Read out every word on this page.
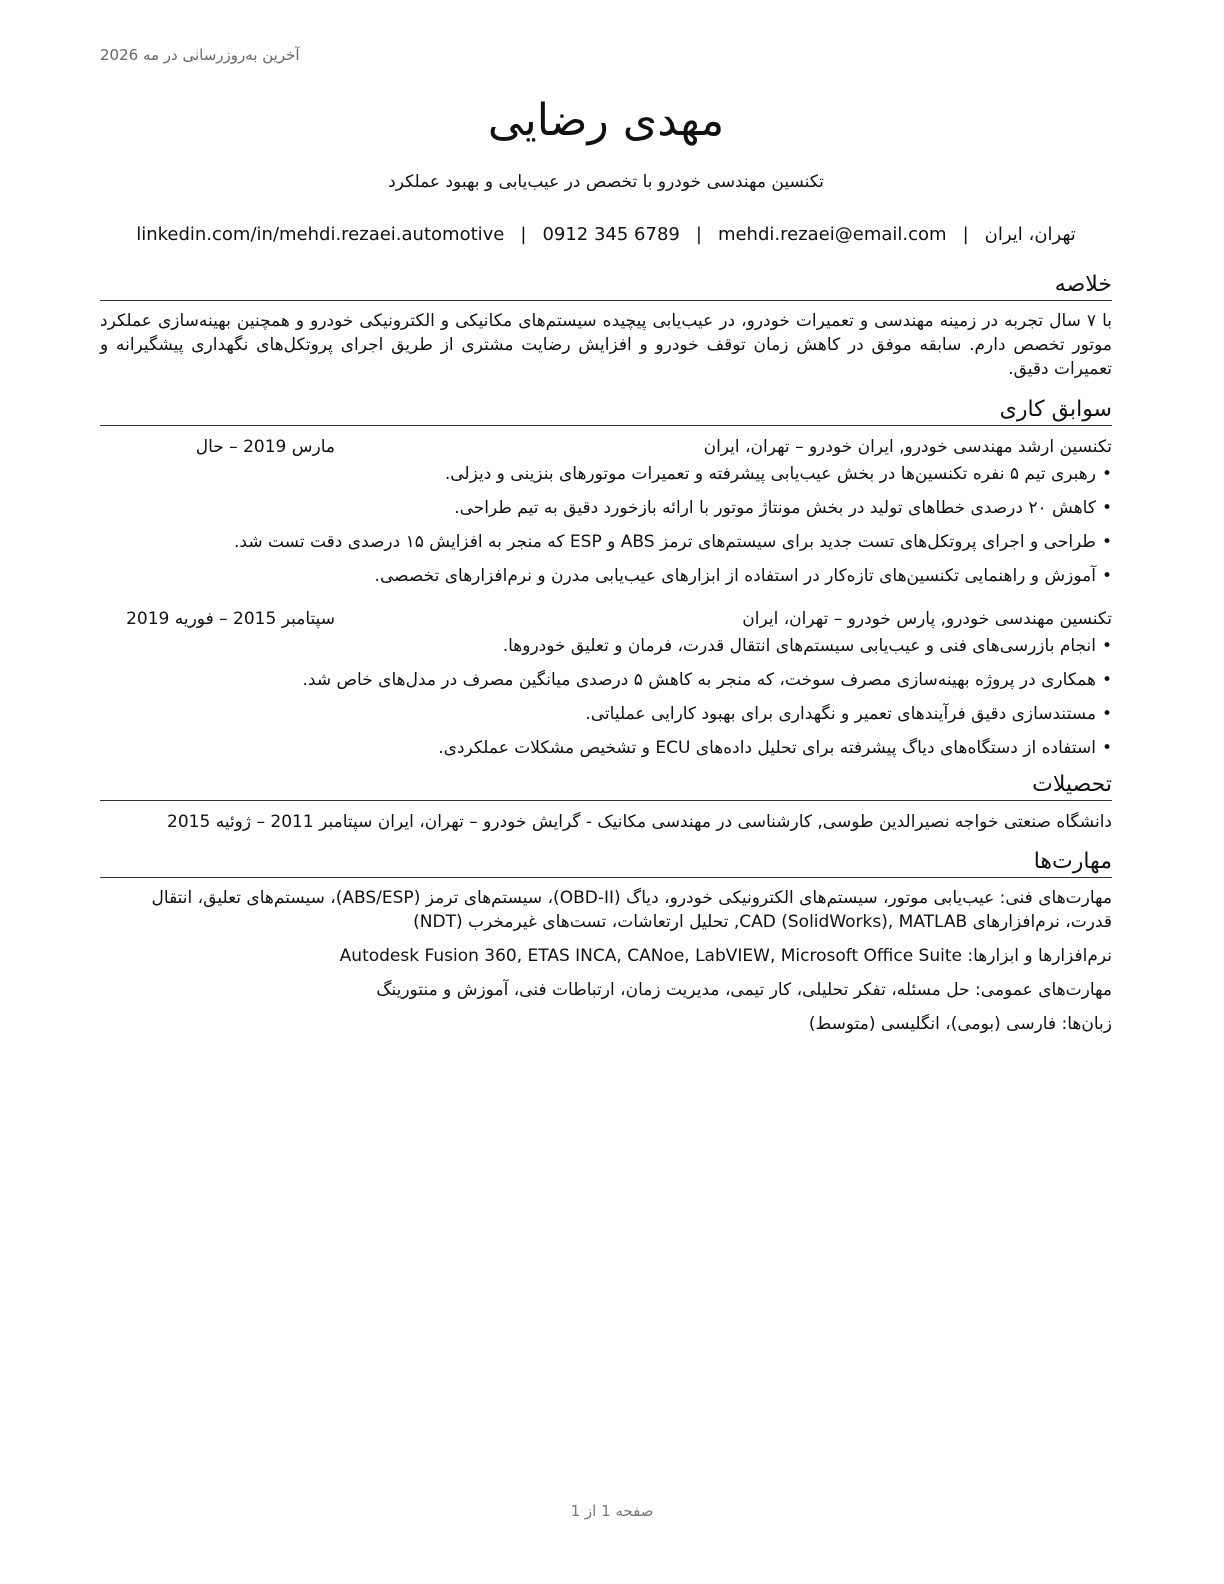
آخرین به‌روزرسانی در مه 2026
مهدی رضایی
تکنسین مهندسی خودرو با تخصص در عیب‌یابی و بهبود عملکرد
تهران، ایران|mehdi.rezaei@email.com|0912 345 6789|linkedin.com/in/mehdi.rezaei.automotive
خلاصه
با ۷ سال تجربه در زمینه مهندسی و تعمیرات خودرو، در عیب‌یابی پیچیده سیستم‌های مکانیکی و الکترونیکی خودرو و همچنین بهینه‌سازی عملکرد موتور تخصص دارم. سابقه موفق در کاهش زمان توقف خودرو و افزایش رضایت مشتری از طریق اجرای پروتکل‌های نگهداری پیشگیرانه و تعمیرات دقیق.
سوابق کاری
تکنسین ارشد مهندسی خودرو, ایران خودرو – تهران، ایران
مارس 2019 – حال
•رهبری تیم ۵ نفره تکنسین‌ها در بخش عیب‌یابی پیشرفته و تعمیرات موتورهای بنزینی و دیزلی.
•کاهش ۲۰ درصدی خطاهای تولید در بخش مونتاژ موتور با ارائه بازخورد دقیق به تیم طراحی.
•طراحی و اجرای پروتکل‌های تست جدید برای سیستم‌های ترمز ABS و ESP که منجر به افزایش ۱۵ درصدی دقت تست شد.
•آموزش و راهنمایی تکنسین‌های تازه‌کار در استفاده از ابزارهای عیب‌یابی مدرن و نرم‌افزارهای تخصصی.
تکنسین مهندسی خودرو, پارس خودرو – تهران، ایران
سپتامبر 2015 – فوریه 2019
•انجام بازرسی‌های فنی و عیب‌یابی سیستم‌های انتقال قدرت، فرمان و تعلیق خودروها.
•همکاری در پروژه بهینه‌سازی مصرف سوخت، که منجر به کاهش ۵ درصدی میانگین مصرف در مدل‌های خاص شد.
•مستندسازی دقیق فرآیندهای تعمیر و نگهداری برای بهبود کارایی عملیاتی.
•استفاده از دستگاه‌های دیاگ پیشرفته برای تحلیل داده‌های ECU و تشخیص مشکلات عملکردی.
تحصیلات
دانشگاه صنعتی خواجه نصیرالدین طوسی, کارشناسی در مهندسی مکانیک - گرایش خودرو – تهران، ایران سپتامبر 2011 – ژوئیه 2015
مهارت‌ها
مهارت‌های فنی: عیب‌یابی موتور، سیستم‌های الکترونیکی خودرو، دیاگ (OBD-II)، سیستم‌های ترمز (ABS/ESP)، سیستم‌های تعلیق، انتقال قدرت، نرم‌افزارهای CAD (SolidWorks), MATLAB, تحلیل ارتعاشات، تست‌های غیرمخرب (NDT)
نرم‌افزارها و ابزارها: Autodesk Fusion 360, ETAS INCA, CANoe, LabVIEW, Microsoft Office Suite
مهارت‌های عمومی: حل مسئله، تفکر تحلیلی، کار تیمی، مدیریت زمان، ارتباطات فنی، آموزش و منتورینگ
زبان‌ها: فارسی (بومی)، انگلیسی (متوسط)
صفحه 1 از 1
